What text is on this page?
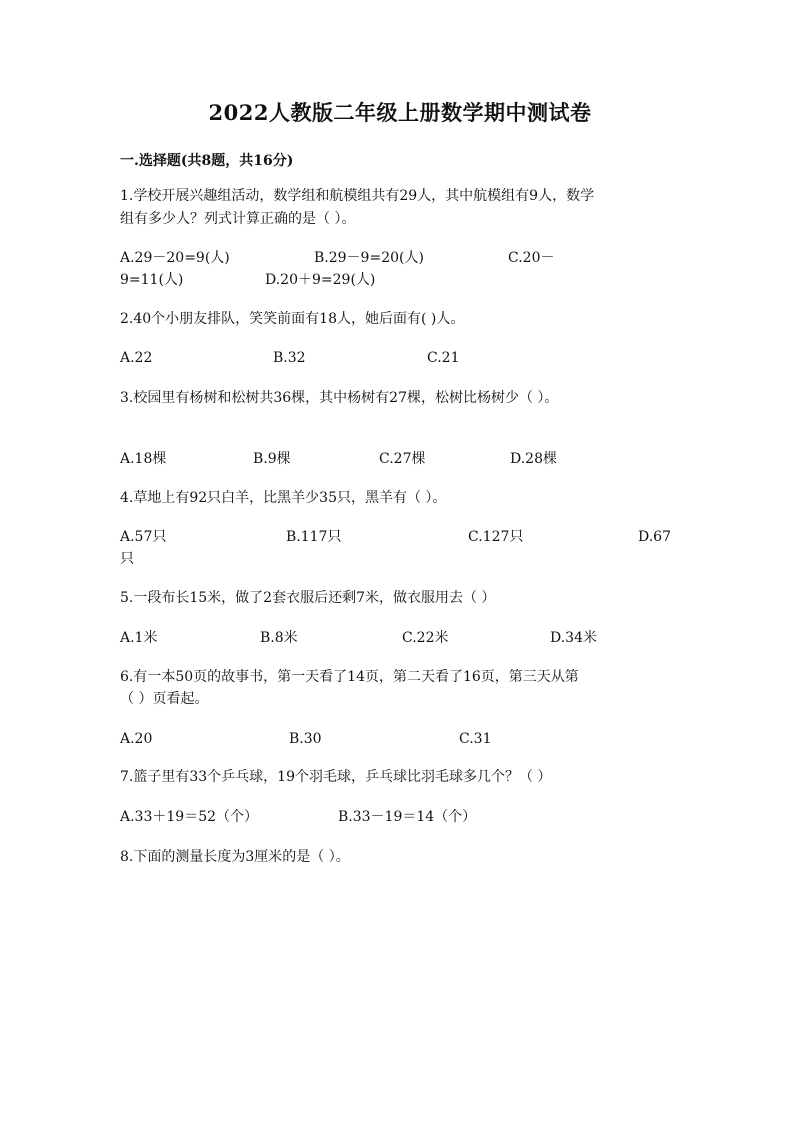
2022人教版二年级上册数学期中测试卷
一.选择题(共8题，共16分)
1.学校开展兴趣组活动，数学组和航模组共有29人，其中航模组有9人，数学
组有多少人？列式计算正确的是（ ）。
A.29－20=9(人)	B.29－9=20(人)	C.20－
9=11(人)	D.20＋9=29(人)
2.40个小朋友排队，笑笑前面有18人，她后面有( )人。
A.22	B.32	C.21
3.校园里有杨树和松树共36棵，其中杨树有27棵，松树比杨树少（ ）。
A.18棵	B.9棵	C.27棵	D.28棵
4.草地上有92只白羊，比黑羊少35只，黑羊有（ ）。
A.57只	B.117只	C.127只	D.67
只
5.一段布长15米，做了2套衣服后还剩7米，做衣服用去（ ）
A.1米	B.8米	C.22米	D.34米
6.有一本50页的故事书，第一天看了14页，第二天看了16页，第三天从第
（ ）页看起。
A.20	B.30	C.31
7.篮子里有33个乒乓球，19个羽毛球，乒乓球比羽毛球多几个？（ ）
A.33＋19＝52（个）	B.33－19＝14（个）
8.下面的测量长度为3厘米的是（ ）。
